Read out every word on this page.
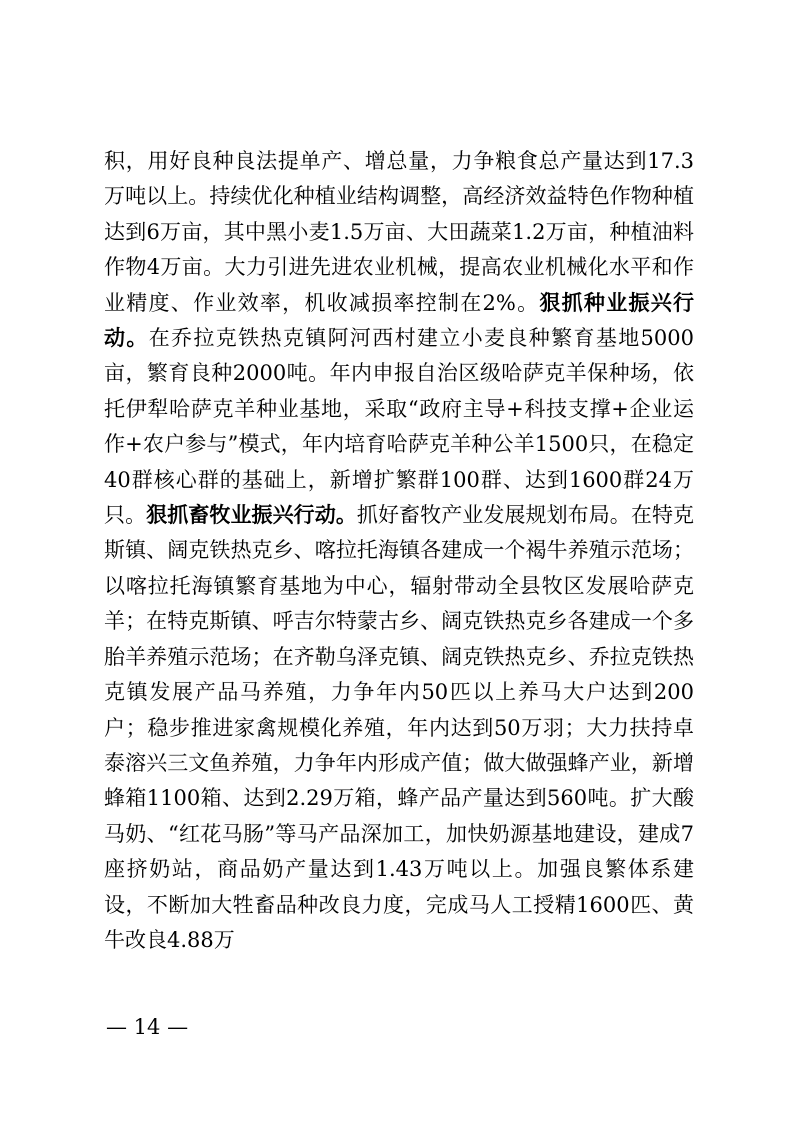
积，用好良种良法提单产、增总量，力争粮食总产量达到17.3万吨以上。持续优化种植业结构调整，高经济效益特色作物种植达到6万亩，其中黑小麦1.5万亩、大田蔬菜1.2万亩，种植油料作物4万亩。大力引进先进农业机械，提高农业机械化水平和作业精度、作业效率，机收减损率控制在2%。狠抓种业振兴行动。在乔拉克铁热克镇阿河西村建立小麦良种繁育基地5000亩，繁育良种2000吨。年内申报自治区级哈萨克羊保种场，依托伊犁哈萨克羊种业基地，采取“政府主导+科技支撑+企业运作+农户参与”模式，年内培育哈萨克羊种公羊1500只，在稳定40群核心群的基础上，新增扩繁群100群、达到1600群24万只。狠抓畜牧业振兴行动。抓好畜牧产业发展规划布局。在特克斯镇、阔克铁热克乡、喀拉托海镇各建成一个褐牛养殖示范场；以喀拉托海镇繁育基地为中心，辐射带动全县牧区发展哈萨克羊；在特克斯镇、呼吉尔特蒙古乡、阔克铁热克乡各建成一个多胎羊养殖示范场；在齐勒乌泽克镇、阔克铁热克乡、乔拉克铁热克镇发展产品马养殖，力争年内50匹以上养马大户达到200户；稳步推进家禽规模化养殖，年内达到50万羽；大力扶持卓泰溶兴三文鱼养殖，力争年内形成产值；做大做强蜂产业，新增蜂箱1100箱、达到2.29万箱，蜂产品产量达到560吨。扩大酸马奶、“红花马肠”等马产品深加工，加快奶源基地建设，建成7座挤奶站，商品奶产量达到1.43万吨以上。加强良繁体系建设，不断加大牲畜品种改良力度，完成马人工授精1600匹、黄牛改良4.88万
— 14 —
